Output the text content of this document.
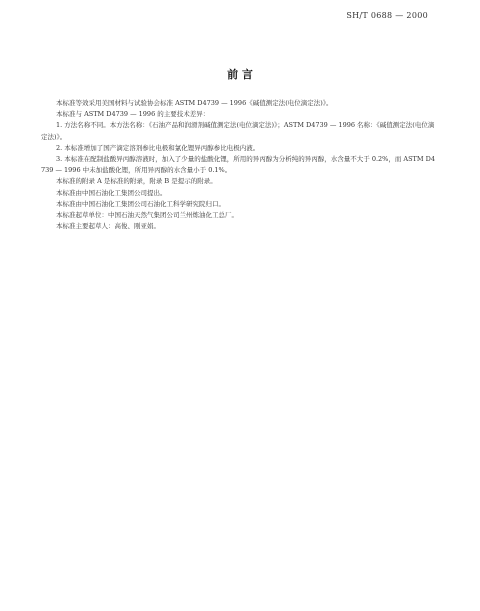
SH/T 0688 — 2000
前 言

本标准等效采用美国材料与试验协会标准 ASTM D4739 — 1996《碱值测定法(电位滴定法)》。

本标准与 ASTM D4739 — 1996 的主要技术差异：

1. 方法名称不同。本方法名称：《石油产品和润滑剂碱值测定法(电位滴定法)》；ASTM D4739 — 1996 名称：《碱值测定法(电位滴定法)》。

2. 本标准增加了国产滴定溶剂参比电极和氯化锂异丙醇参比电极内液。

3. 本标准在配制盐酸异丙醇溶液时，加入了少量的盐酸化锂，所用的异丙醇为分析纯的异丙醇，水含量不大于 0.2%，而 ASTM D4739 — 1996 中未加盐酸化锂，所用异丙醇的水含量小于 0.1%。

本标准的附录 A 是标准的附录，附录 B 是提示的附录。

本标准由中国石油化工集团公司提出。

本标准由中国石油化工集团公司石油化工科学研究院归口。

本标准起草单位：中国石油天然气集团公司兰州炼油化工总厂。

本标准主要起草人：高俊、刚亚娟。
